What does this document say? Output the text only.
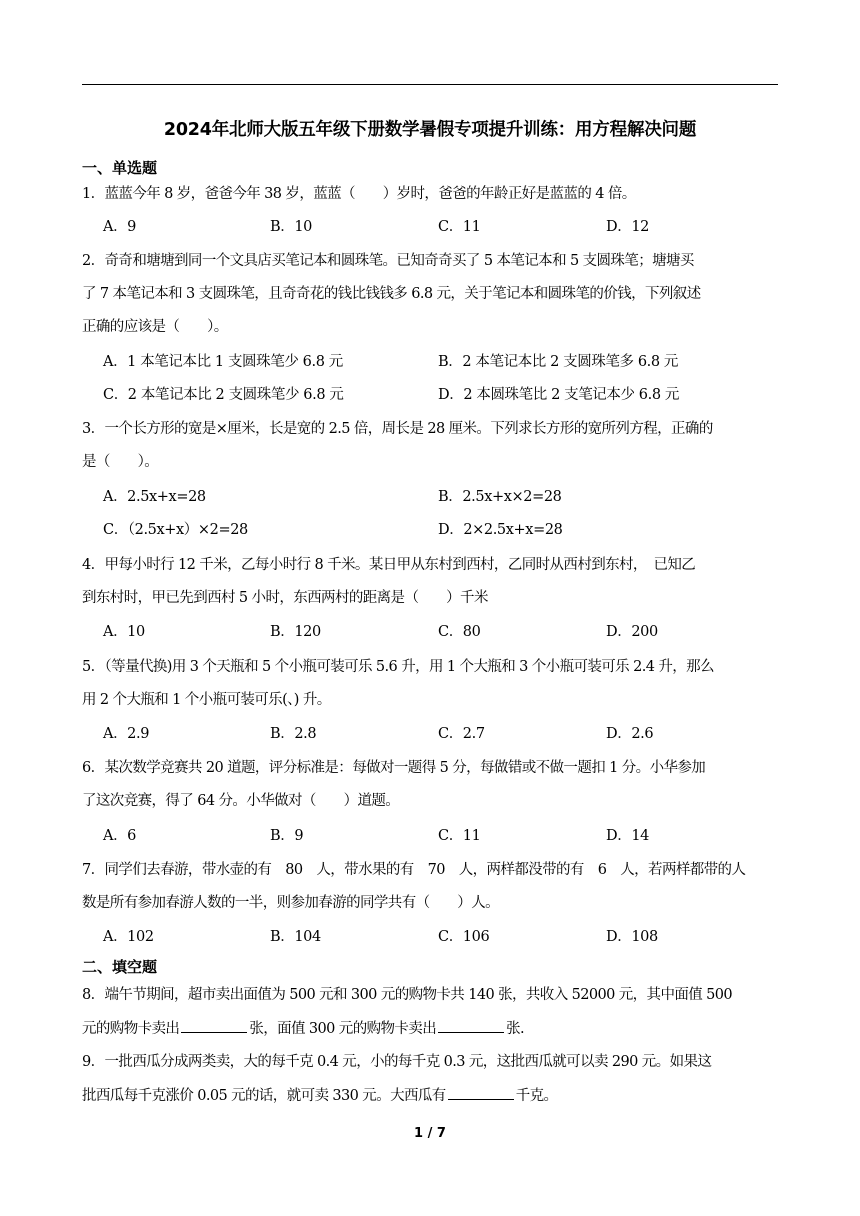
2024年北师大版五年级下册数学暑假专项提升训练：用方程解决问题
一、单选题
1．蓝蓝今年 8 岁，爸爸今年 38 岁，蓝蓝（　　）岁时，爸爸的年龄正好是蓝蓝的 4 倍。
A．9	B．10	C．11	D．12
2．奇奇和塘塘到同一个文具店买笔记本和圆珠笔。已知奇奇买了 5 本笔记本和 5 支圆珠笔；塘塘买
了 7 本笔记本和 3 支圆珠笔，且奇奇花的钱比钱钱多 6.8 元，关于笔记本和圆珠笔的价钱，下列叙述
正确的应该是（　　）。
A．1 本笔记本比 1 支圆珠笔少 6.8 元	B．2 本笔记本比 2 支圆珠笔多 6.8 元
C．2 本笔记本比 2 支圆珠笔少 6.8 元	D．2 本圆珠笔比 2 支笔记本少 6.8 元
3．一个长方形的宽是×厘米，长是宽的 2.5 倍，周长是 28 厘米。下列求长方形的宽所列方程，正确的
是（　　）。
A．2.5x+x=28	B．2.5x+x×2=28
C．（2.5x+x）×2=28	D．2×2.5x+x=28
4．甲每小时行 12 千米，乙每小时行 8 千米。某日甲从东村到西村，乙同时从西村到东村，　已知乙
到东村时，甲已先到西村 5 小时，东西两村的距离是（　　）千米
A．10	B．120	C．80	D．200
5．（等量代换)用 3 个天瓶和 5 个小瓶可装可乐 5.6 升，用 1 个大瓶和 3 个小瓶可装可乐 2.4 升，那么
用 2 个大瓶和 1 个小瓶可装可乐(、) 升。
A．2.9	B．2.8	C．2.7	D．2.6
6．某次数学竞赛共 20 道题，评分标准是：每做对一题得 5 分，每做错或不做一题扣 1 分。小华参加
了这次竞赛，得了 64 分。小华做对（　　）道题。
A．6	B．9	C．11	D．14
7．同学们去春游，带水壶的有　80　人，带水果的有　70　人，两样都没带的有　6　人，若两样都带的人
数是所有参加春游人数的一半，则参加春游的同学共有（　　）人。
A．102	B．104	C．106	D．108
二、填空题
8．端午节期间，超市卖出面值为 500 元和 300 元的购物卡共 140 张，共收入 52000 元，其中面值 500
元的购物卡卖出	张，面值 300 元的购物卡卖出	张.
9．一批西瓜分成两类卖，大的每千克 0.4 元，小的每千克 0.3 元，这批西瓜就可以卖 290 元。如果这
批西瓜每千克涨价 0.05 元的话，就可卖 330 元。大西瓜有	千克。
1 / 7
